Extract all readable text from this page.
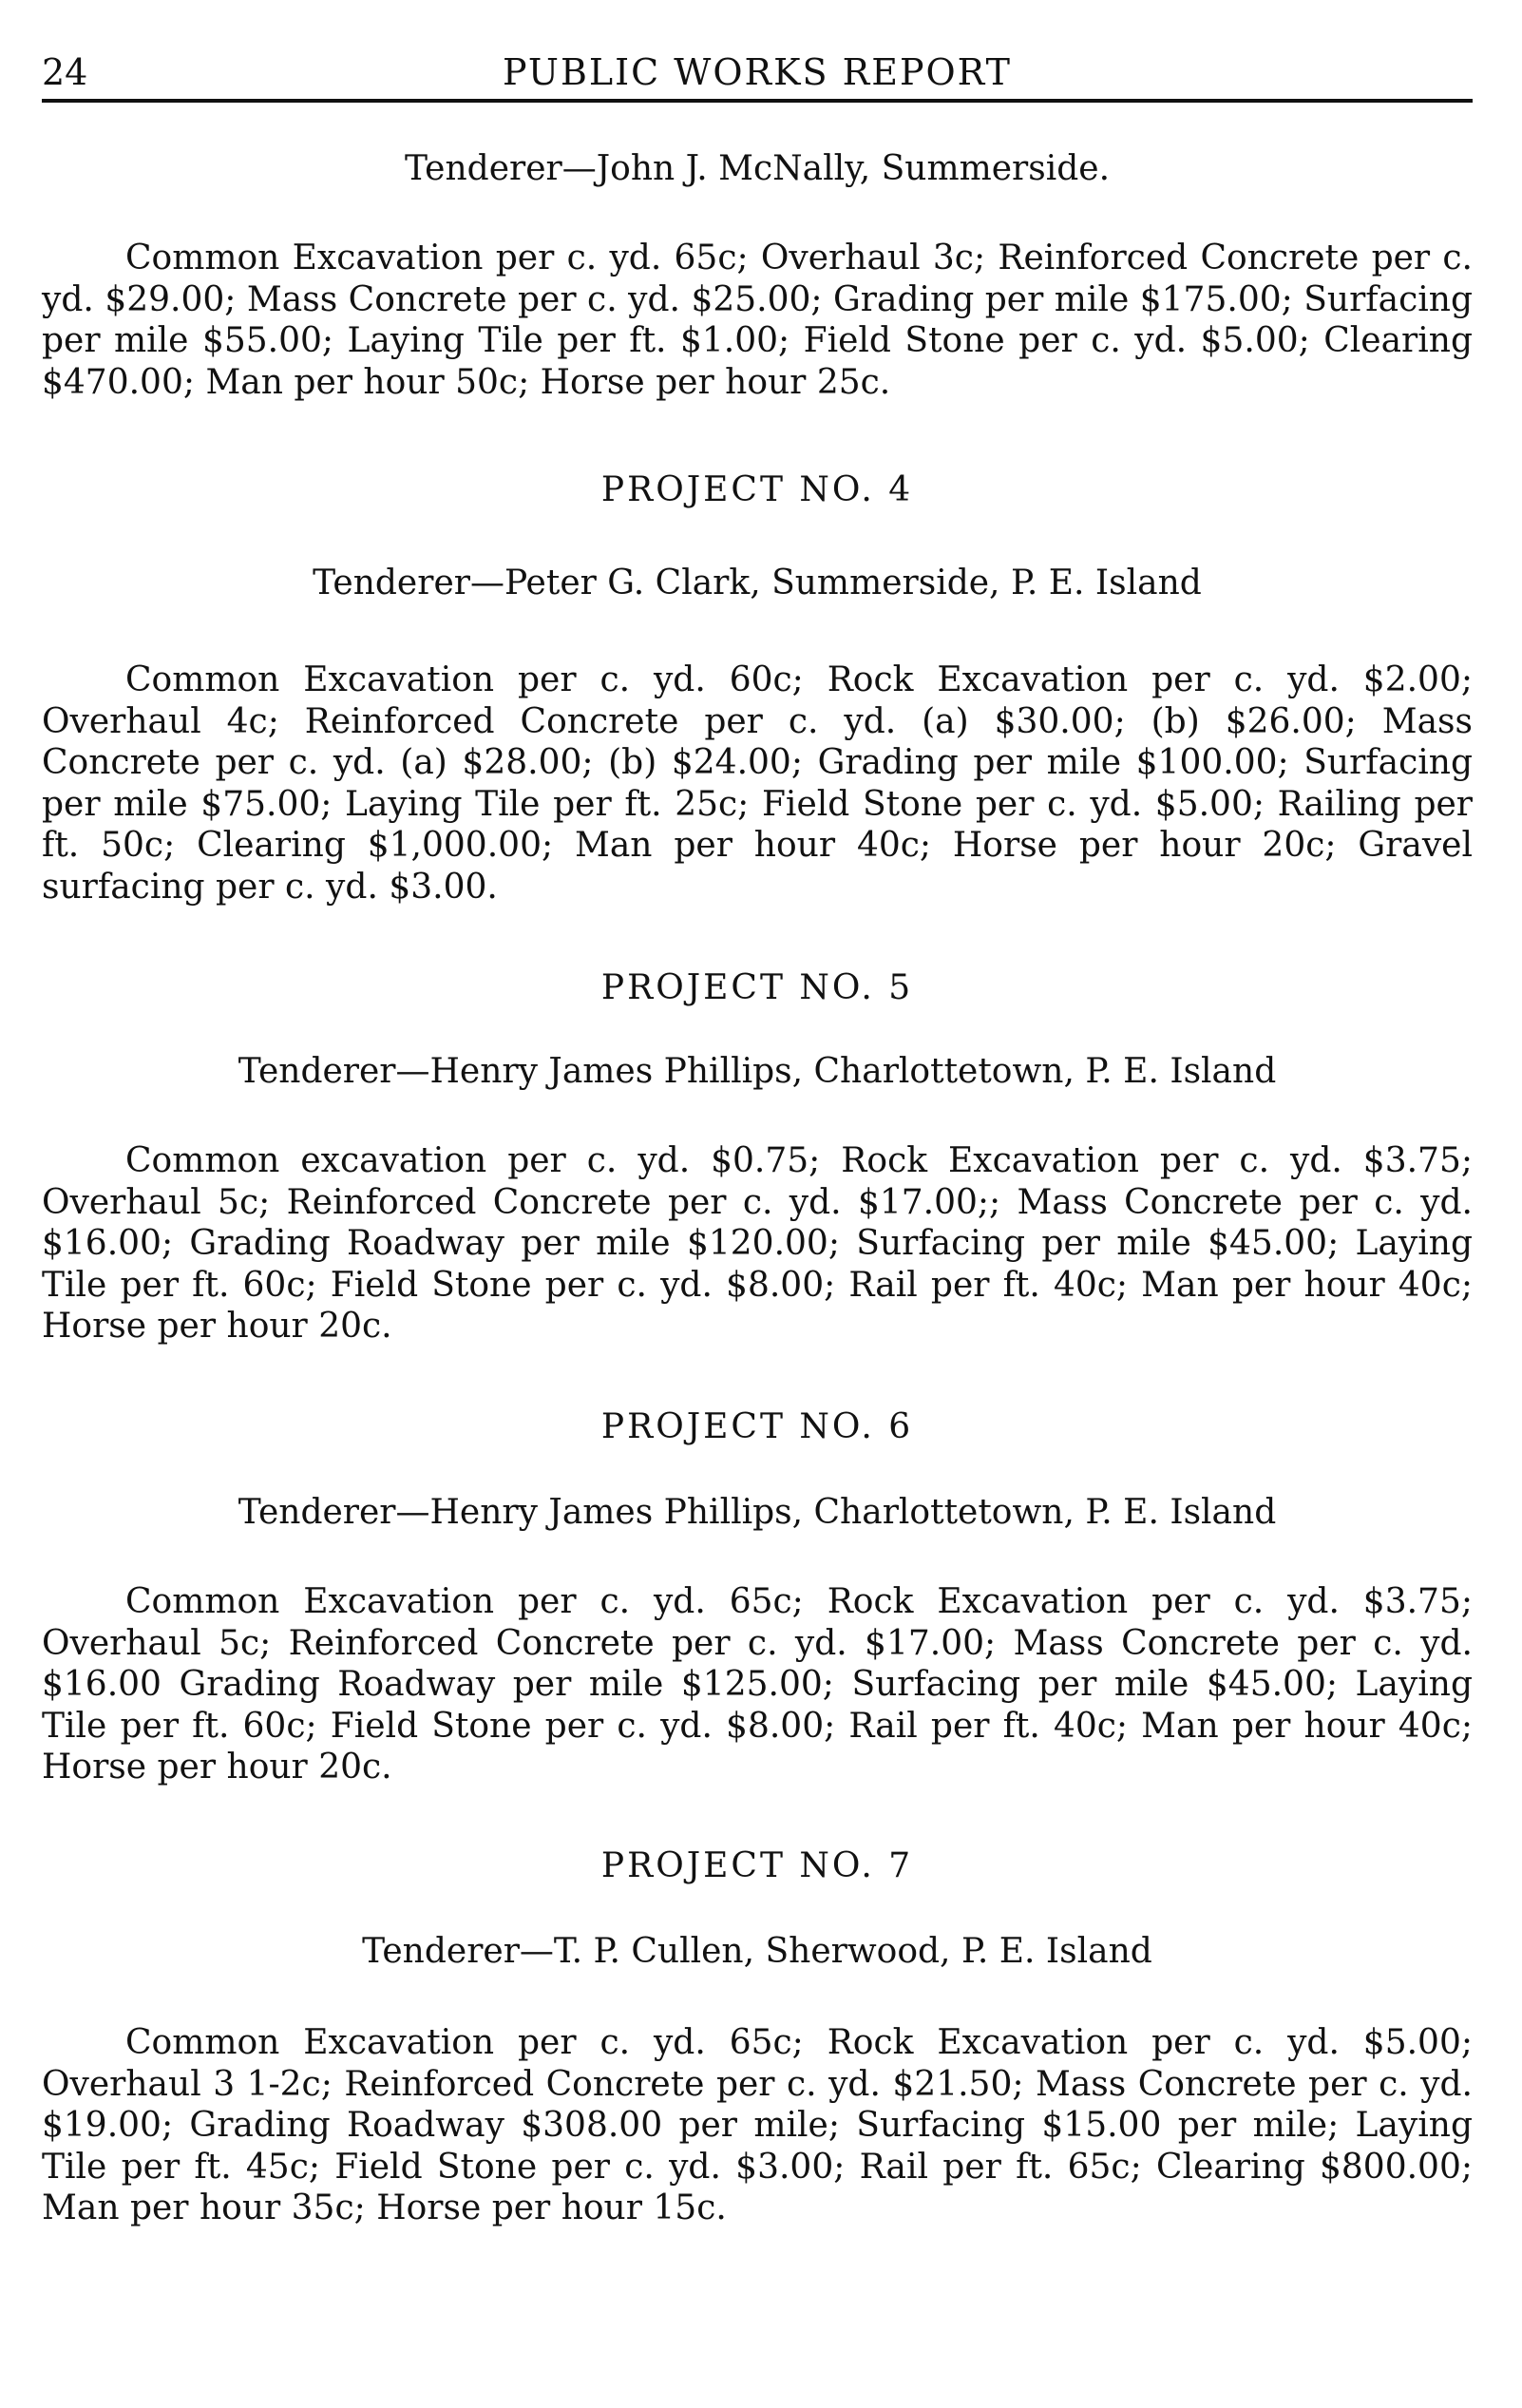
24	PUBLIC WORKS REPORT

Tenderer—John J. McNally, Summerside.

Common Excavation per c. yd. 65c; Overhaul 3c; Reinforced Concrete per c. yd. $29.00; Mass Concrete per c. yd. $25.00; Grading per mile $175.00; Surfacing per mile $55.00; Laying Tile per ft. $1.00; Field Stone per c. yd. $5.00; Clearing $470.00; Man per hour 50c; Horse per hour 25c.

PROJECT NO. 4

Tenderer—Peter G. Clark, Summerside, P. E. Island

Common Excavation per c. yd. 60c; Rock Excavation per c. yd. $2.00; Overhaul 4c; Reinforced Concrete per c. yd. (a) $30.00; (b) $26.00; Mass Concrete per c. yd. (a) $28.00; (b) $24.00; Grading per mile $100.00; Surfacing per mile $75.00; Laying Tile per ft. 25c; Field Stone per c. yd. $5.00; Railing per ft. 50c; Clearing $1,000.00; Man per hour 40c; Horse per hour 20c; Gravel surfacing per c. yd. $3.00.

PROJECT NO. 5

Tenderer—Henry James Phillips, Charlottetown, P. E. Island

Common excavation per c. yd. $0.75; Rock Excavation per c. yd. $3.75; Overhaul 5c; Reinforced Concrete per c. yd. $17.00;; Mass Concrete per c. yd. $16.00; Grading Roadway per mile $120.00; Surfacing per mile $45.00; Laying Tile per ft. 60c; Field Stone per c. yd. $8.00; Rail per ft. 40c; Man per hour 40c; Horse per hour 20c.

PROJECT NO. 6

Tenderer—Henry James Phillips, Charlottetown, P. E. Island

Common Excavation per c. yd. 65c; Rock Excavation per c. yd. $3.75; Overhaul 5c; Reinforced Concrete per c. yd. $17.00; Mass Concrete per c. yd. $16.00 Grading Roadway per mile $125.00; Surfacing per mile $45.00; Laying Tile per ft. 60c; Field Stone per c. yd. $8.00; Rail per ft. 40c; Man per hour 40c; Horse per hour 20c.

PROJECT NO. 7

Tenderer—T. P. Cullen, Sherwood, P. E. Island

Common Excavation per c. yd. 65c; Rock Excavation per c. yd. $5.00; Overhaul 3 1-2c; Reinforced Concrete per c. yd. $21.50; Mass Concrete per c. yd. $19.00; Grading Roadway $308.00 per mile; Surfacing $15.00 per mile; Laying Tile per ft. 45c; Field Stone per c. yd. $3.00; Rail per ft. 65c; Clearing $800.00; Man per hour 35c; Horse per hour 15c.
